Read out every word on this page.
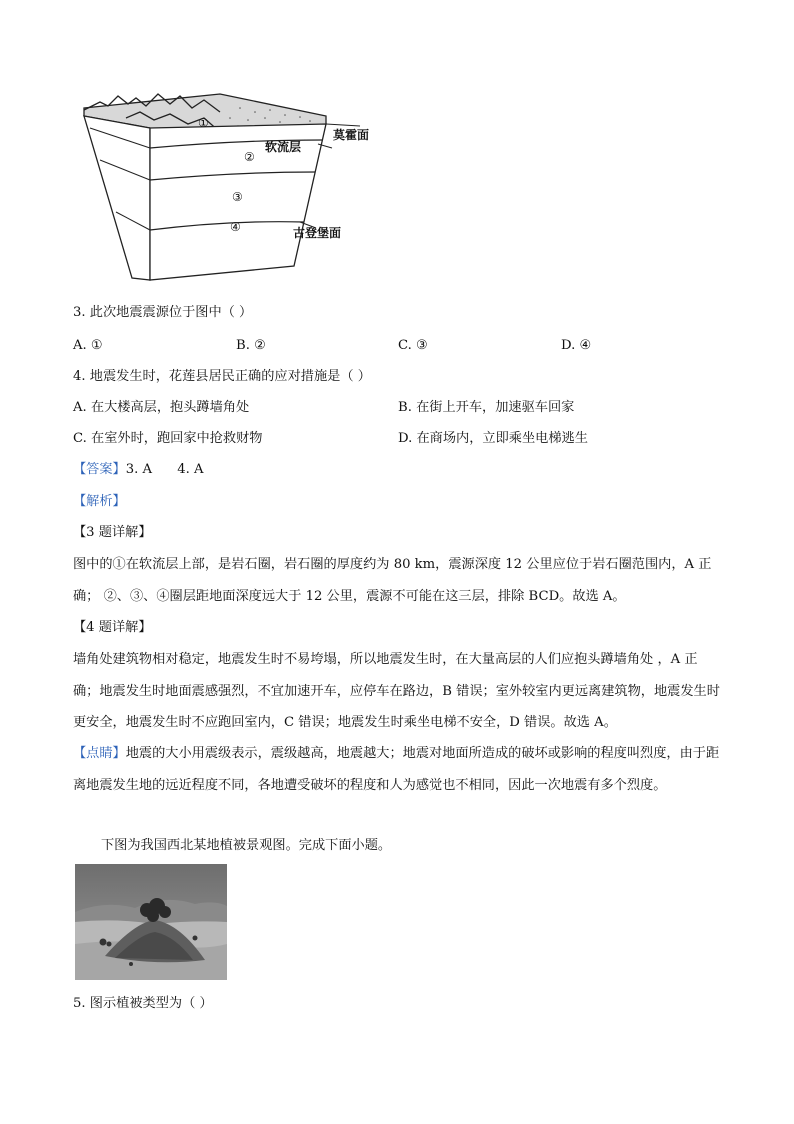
①
②
③
④
莫霍面
软流层
古登堡面
3. 此次地震震源位于图中（ ）
A. ①	B. ②	C. ③	D. ④
4. 地震发生时，花莲县居民正确的应对措施是（ ）
A. 在大楼高层，抱头蹲墙角处	B. 在街上开车，加速驱车回家
C. 在室外时，跑回家中抢救财物	D. 在商场内，立即乘坐电梯逃生
【答案】3. A      4. A
【解析】
【3 题详解】
图中的①在软流层上部，是岩石圈，岩石圈的厚度约为 80 km，震源深度 12 公里应位于岩石圈范围内，A 正确； ②、③、④圈层距地面深度远大于 12 公里，震源不可能在这三层，排除 BCD。故选 A。
【4 题详解】
墙角处建筑物相对稳定，地震发生时不易垮塌，所以地震发生时，在大量高层的人们应抱头蹲墙角处 ，A 正确；地震发生时地面震感强烈，不宜加速开车，应停车在路边，B 错误；室外较室内更远离建筑物，地震发生时更安全，地震发生时不应跑回室内，C 错误；地震发生时乘坐电梯不安全，D 错误。故选 A。
【点睛】地震的大小用震级表示，震级越高，地震越大；地震对地面所造成的破坏或影响的程度叫烈度，由于距离地震发生地的远近程度不同，各地遭受破坏的程度和人为感觉也不相同，因此一次地震有多个烈度。
下图为我国西北某地植被景观图。完成下面小题。
5. 图示植被类型为（ ）
